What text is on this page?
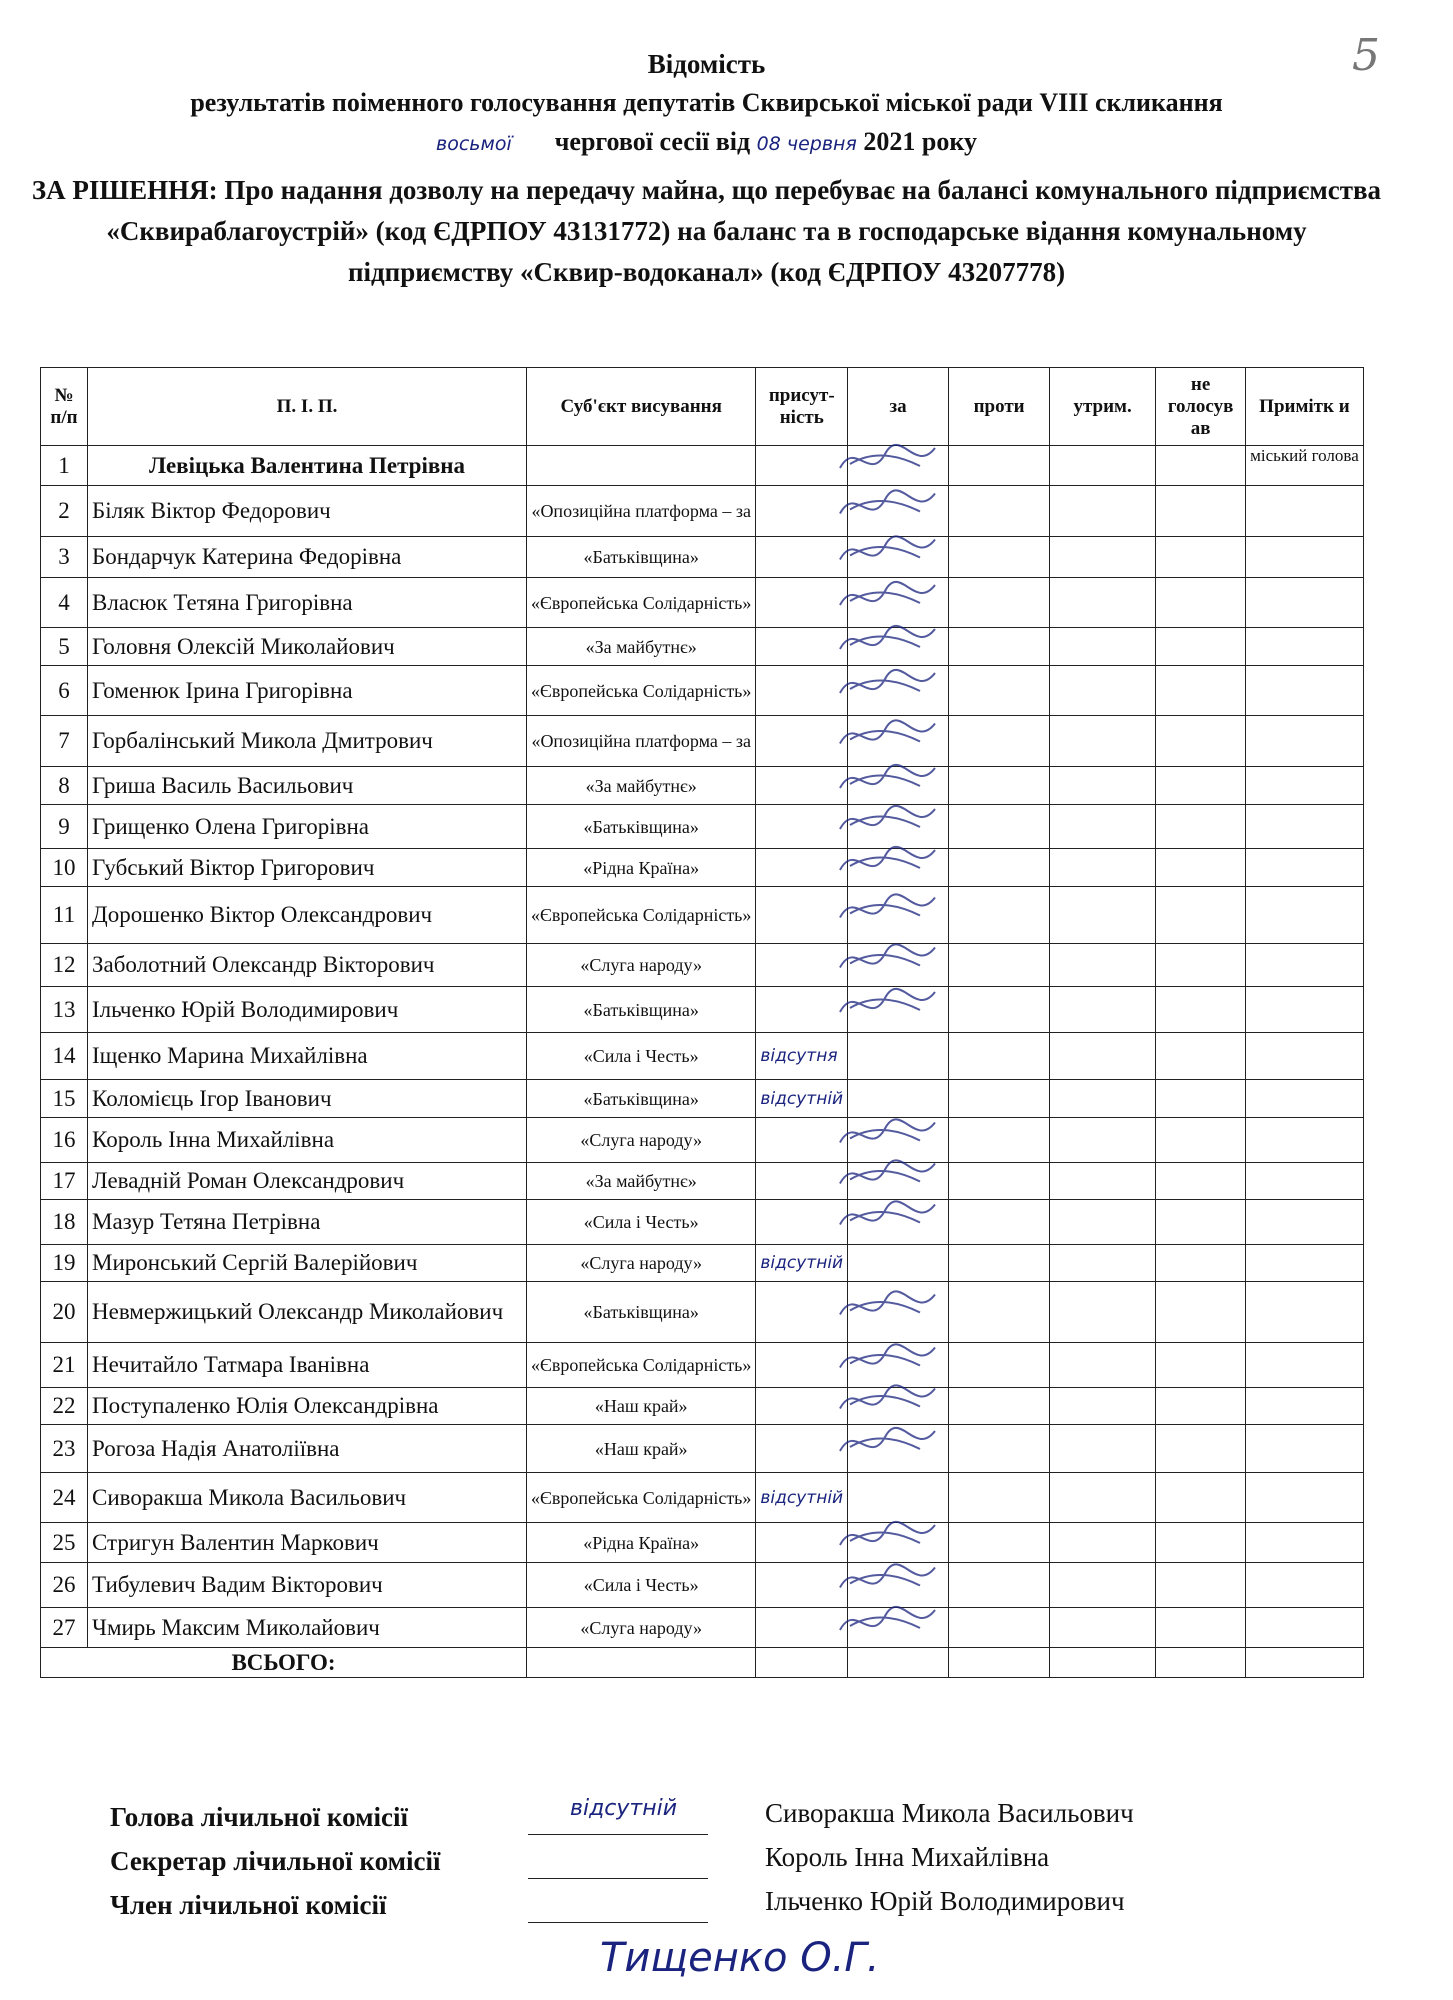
5
Відомість
результатів поіменного голосування депутатів Сквирської міської ради VIII скликання
восьмої чергової сесії від 08 червня 2021 року
ЗА РІШЕННЯ: Про надання дозволу на передачу майна, що перебуває на балансі комунального підприємства «Сквираблагоустрій» (код ЄДРПОУ 43131772) на баланс та в господарське відання комунальному підприємству «Сквир-водоканал» (код ЄДРПОУ 43207778)
№ п/п	П. І. П.	Суб'єкт висування	присут-ність	за	проти	утрим.	не голосув ав	Примітк и
1	Левіцька Валентина Петрівна							міський голова
2	Біляк Віктор Федорович	«Опозиційна платформа – за						
3	Бондарчук Катерина Федорівна	«Батьківщина»						
4	Власюк Тетяна Григорівна	«Європейська Солідарність»						
5	Головня Олексій Миколайович	«За майбутнє»						
6	Гоменюк Ірина Григорівна	«Європейська Солідарність»						
7	Горбалінський Микола Дмитрович	«Опозиційна платформа – за						
8	Гриша Василь Васильович	«За майбутнє»						
9	Грищенко Олена Григорівна	«Батьківщина»						
10	Губський Віктор Григорович	«Рідна Країна»						
11	Дорошенко Віктор Олександрович	«Європейська Солідарність»						
12	Заболотний Олександр Вікторович	«Слуга народу»						
13	Ільченко Юрій Володимирович	«Батьківщина»						
14	Іщенко Марина Михайлівна	«Сила і Честь»	відсутня					
15	Коломієць Ігор Іванович	«Батьківщина»	відсутній					
16	Король Інна Михайлівна	«Слуга народу»						
17	Левадній Роман Олександрович	«За майбутнє»						
18	Мазур Тетяна Петрівна	«Сила і Честь»						
19	Миронський Сергій Валерійович	«Слуга народу»	відсутній					
20	Невмержицький Олександр Миколайович	«Батьківщина»						
21	Нечитайло Татмара Іванівна	«Європейська Солідарність»						
22	Поступаленко Юлія Олександрівна	«Наш край»						
23	Рогоза Надія Анатоліївна	«Наш край»						
24	Сиворакша Микола Васильович	«Європейська Солідарність»	відсутній					
25	Стригун Валентин Маркович	«Рідна Країна»						
26	Тибулевич Вадим Вікторович	«Сила і Честь»						
27	Чмирь Максим Миколайович	«Слуга народу»						
ВСЬОГО:								
Голова лічильної комісії	відсутній	Сиворакша Микола Васильович
Секретар лічильної комісії	Король Інна Михайлівна
Член лічильної комісії	Ільченко Юрій Володимирович
Тищенко О.Г.
